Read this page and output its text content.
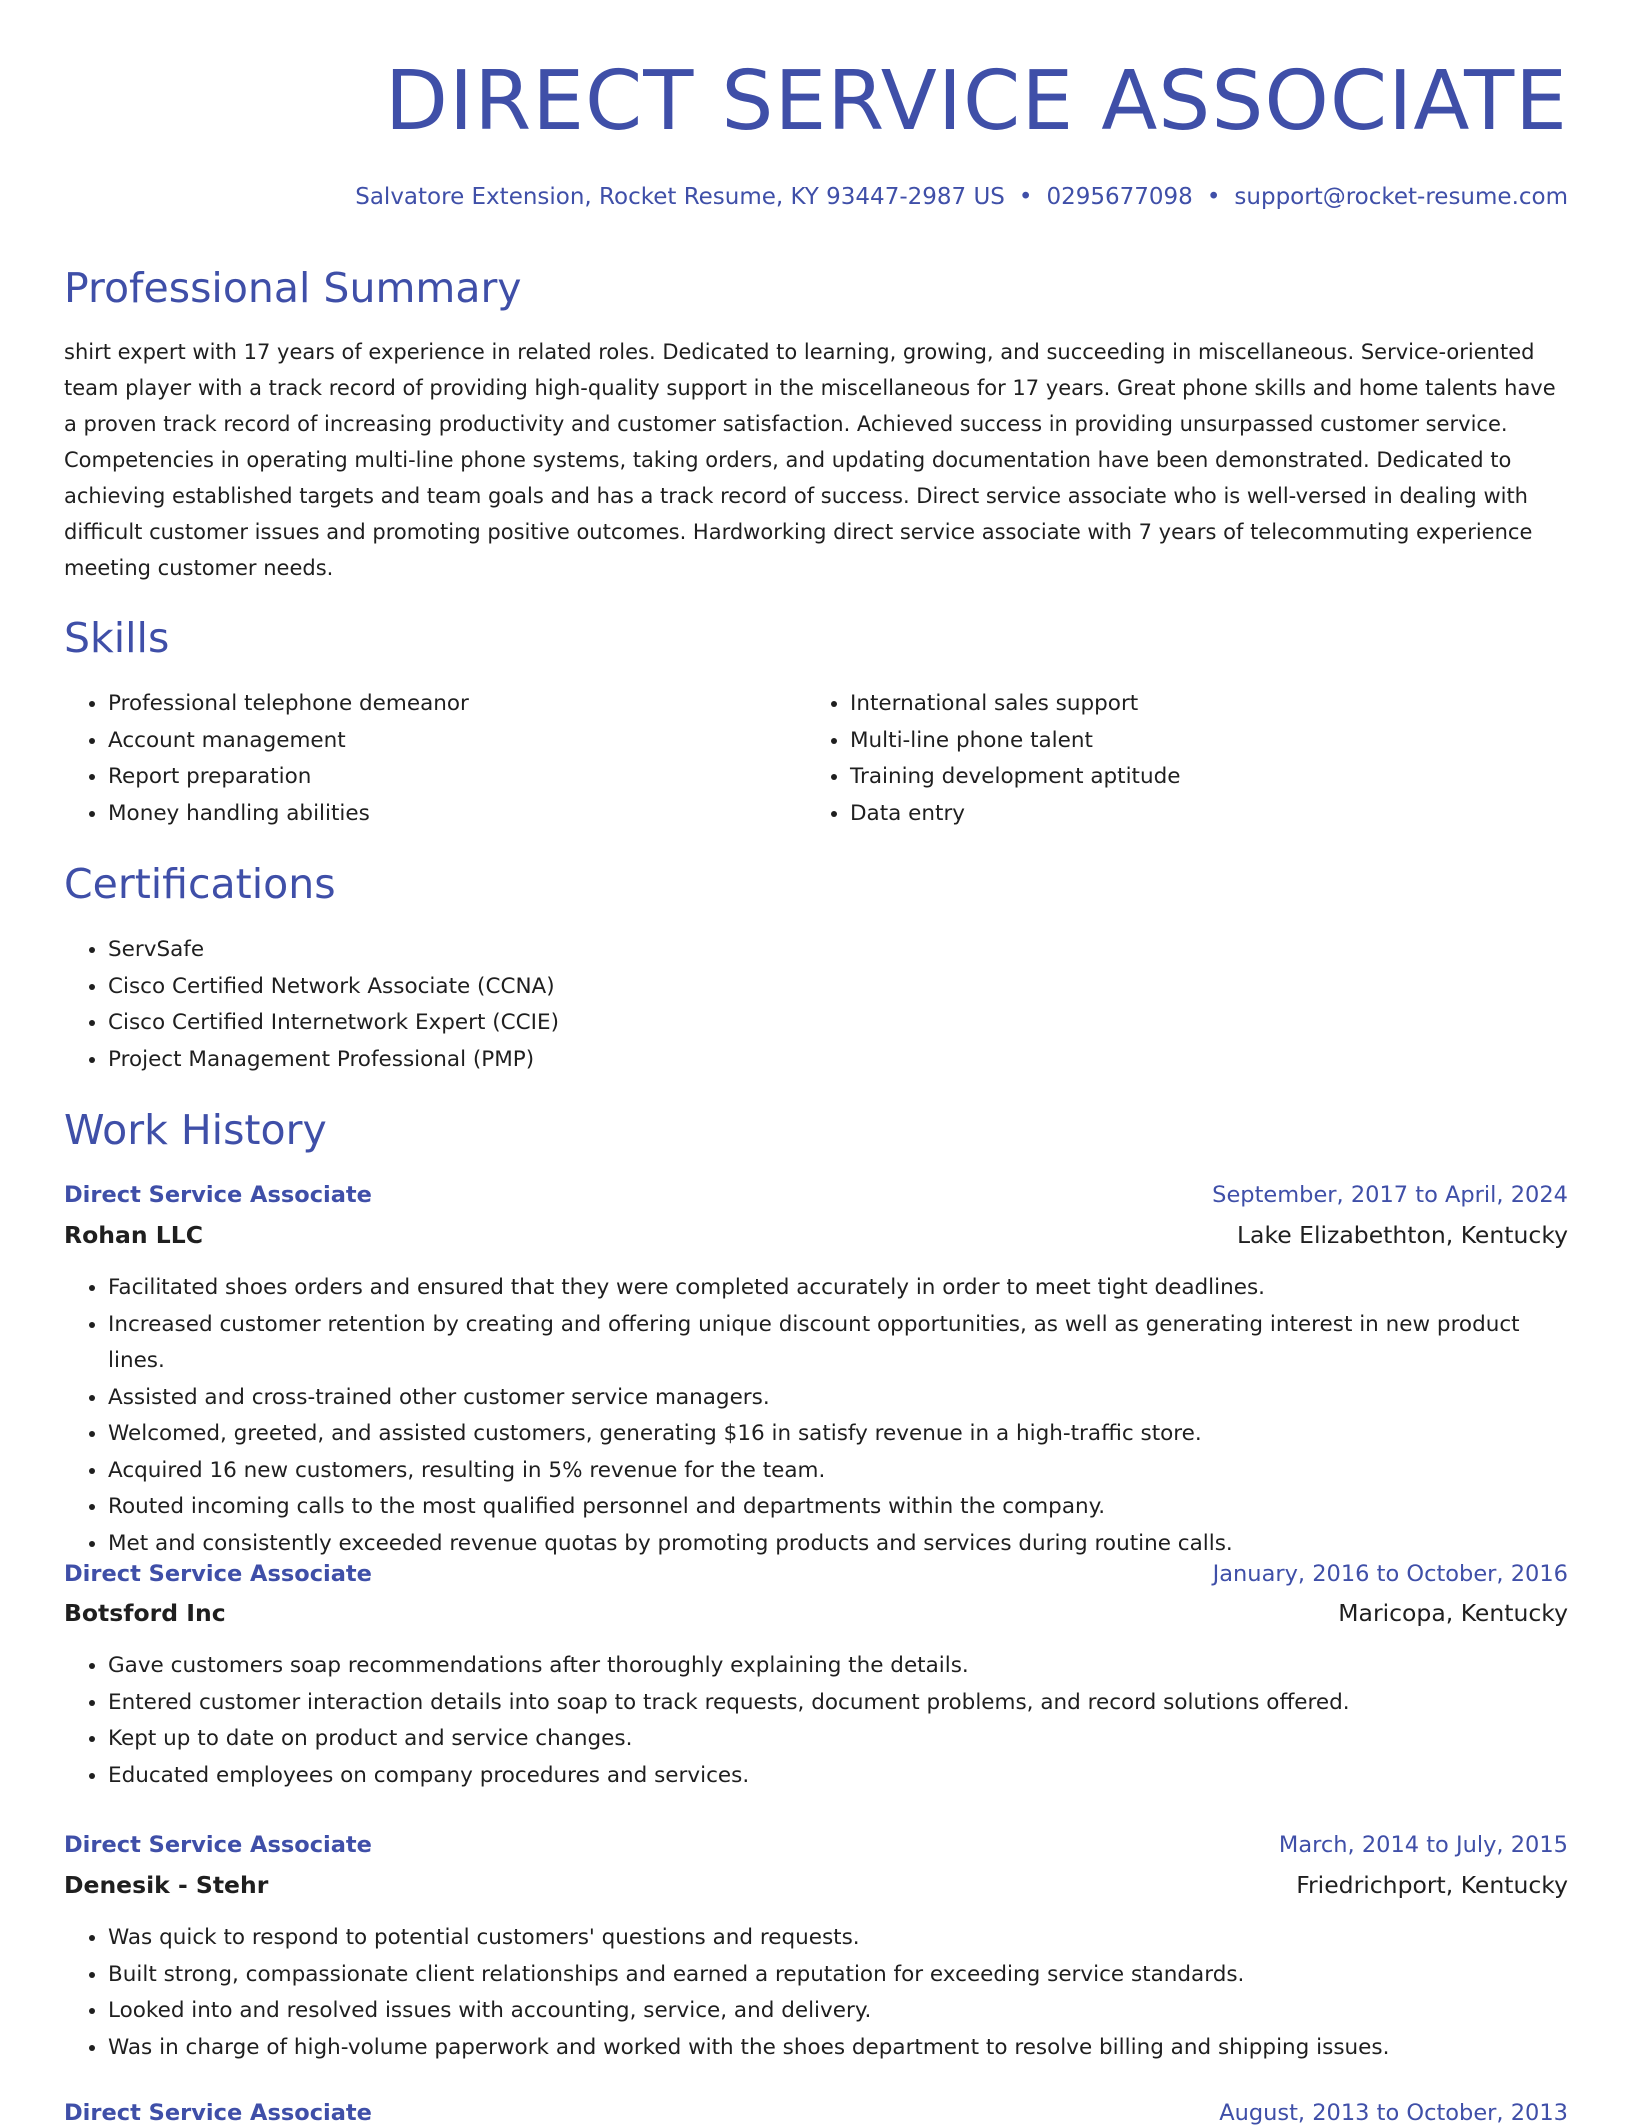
DIRECT SERVICE ASSOCIATE
Salvatore Extension, Rocket Resume, KY 93447-2987 US • 0295677098 • support@rocket-resume.com
Professional Summary

shirt expert with 17 years of experience in related roles. Dedicated to learning, growing, and succeeding in miscellaneous. Service-oriented team player with a track record of providing high-quality support in the miscellaneous for 17 years. Great phone skills and home talents have a proven track record of increasing productivity and customer satisfaction. Achieved success in providing unsurpassed customer service. Competencies in operating multi-line phone systems, taking orders, and updating documentation have been demonstrated. Dedicated to achieving established targets and team goals and has a track record of success. Direct service associate who is well-versed in dealing with difficult customer issues and promoting positive outcomes. Hardworking direct service associate with 7 years of telecommuting experience meeting customer needs.

Skills
• Professional telephone demeanor
• Account management
• Report preparation
• Money handling abilities
• International sales support
• Multi-line phone talent
• Training development aptitude
• Data entry
Certifications
• ServSafe
• Cisco Certified Network Associate (CCNA)
• Cisco Certified Internetwork Expert (CCIE)
• Project Management Professional (PMP)
Work History
Direct Service Associate	September, 2017 to April, 2024
Rohan LLC	Lake Elizabethton, Kentucky
• Facilitated shoes orders and ensured that they were completed accurately in order to meet tight deadlines.
• Increased customer retention by creating and offering unique discount opportunities, as well as generating interest in new product lines.
• Assisted and cross-trained other customer service managers.
• Welcomed, greeted, and assisted customers, generating $16 in satisfy revenue in a high-traffic store.
• Acquired 16 new customers, resulting in 5% revenue for the team.
• Routed incoming calls to the most qualified personnel and departments within the company.
• Met and consistently exceeded revenue quotas by promoting products and services during routine calls.
Direct Service Associate	January, 2016 to October, 2016
Botsford Inc	Maricopa, Kentucky
• Gave customers soap recommendations after thoroughly explaining the details.
• Entered customer interaction details into soap to track requests, document problems, and record solutions offered.
• Kept up to date on product and service changes.
• Educated employees on company procedures and services.
Direct Service Associate	March, 2014 to July, 2015
Denesik - Stehr	Friedrichport, Kentucky
• Was quick to respond to potential customers' questions and requests.
• Built strong, compassionate client relationships and earned a reputation for exceeding service standards.
• Looked into and resolved issues with accounting, service, and delivery.
• Was in charge of high-volume paperwork and worked with the shoes department to resolve billing and shipping issues.
Direct Service Associate	August, 2013 to October, 2013
